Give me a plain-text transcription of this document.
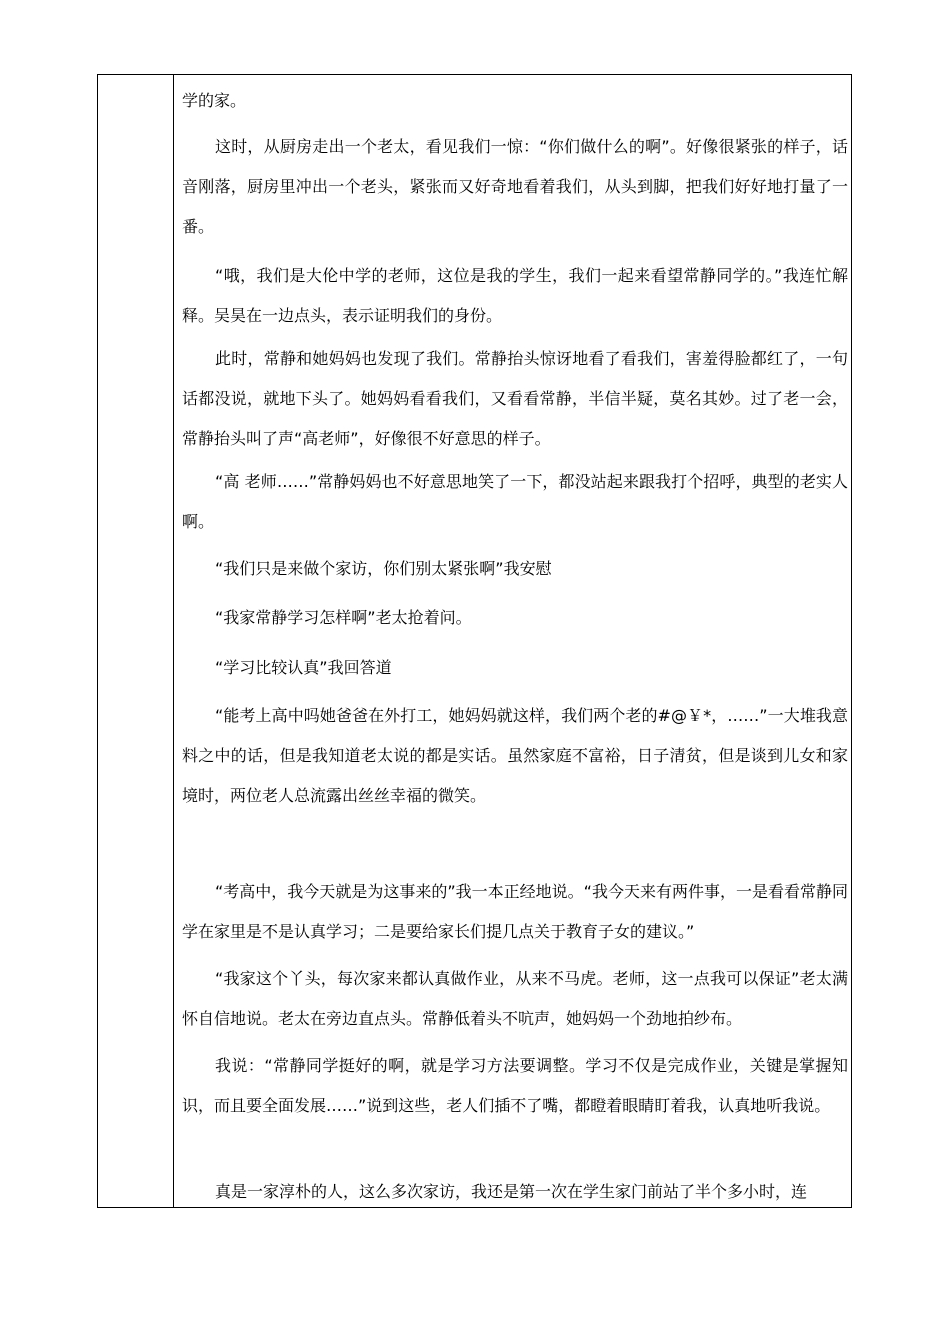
学的家。

这时，从厨房走出一个老太，看见我们一惊：“你们做什么的啊”。好像很紧张的样子，话音刚落，厨房里冲出一个老头，紧张而又好奇地看着我们，从头到脚，把我们好好地打量了一番。

“哦，我们是大伦中学的老师，这位是我的学生，我们一起来看望常静同学的。”我连忙解释。吴昊在一边点头，表示证明我们的身份。

此时，常静和她妈妈也发现了我们。常静抬头惊讶地看了看我们，害羞得脸都红了，一句话都没说，就地下头了。她妈妈看看我们，又看看常静，半信半疑，莫名其妙。过了老一会，常静抬头叫了声“高老师”，好像很不好意思的样子。

“高 老师……”常静妈妈也不好意思地笑了一下，都没站起来跟我打个招呼，典型的老实人啊。

“我们只是来做个家访，你们别太紧张啊”我安慰

“我家常静学习怎样啊”老太抢着问。

“学习比较认真”我回答道

“能考上高中吗她爸爸在外打工，她妈妈就这样，我们两个老的#@￥*，……”一大堆我意料之中的话，但是我知道老太说的都是实话。虽然家庭不富裕，日子清贫，但是谈到儿女和家境时，两位老人总流露出丝丝幸福的微笑。

“考高中，我今天就是为这事来的”我一本正经地说。“我今天来有两件事，一是看看常静同学在家里是不是认真学习；二是要给家长们提几点关于教育子女的建议。”

“我家这个丫头，每次家来都认真做作业，从来不马虎。老师，这一点我可以保证”老太满怀自信地说。老太在旁边直点头。常静低着头不吭声，她妈妈一个劲地拍纱布。

我说：“常静同学挺好的啊，就是学习方法要调整。学习不仅是完成作业，关键是掌握知识，而且要全面发展……”说到这些，老人们插不了嘴，都瞪着眼睛盯着我，认真地听我说。

真是一家淳朴的人，这么多次家访，我还是第一次在学生家门前站了半个多小时，连
